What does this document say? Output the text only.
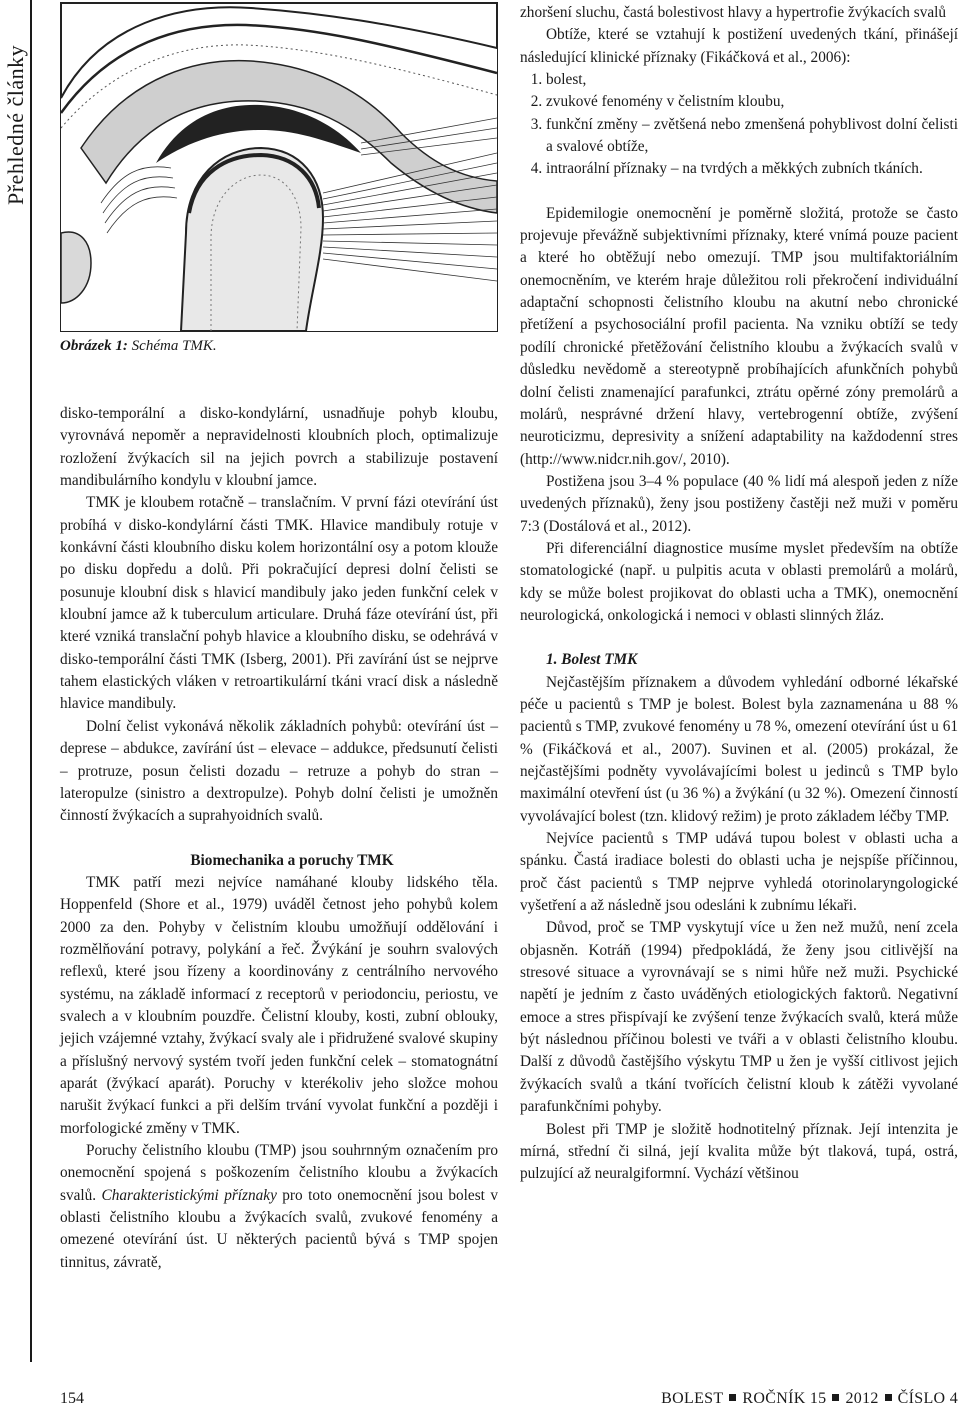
Přehledné články
Obrázek 1: Schéma TMK.

disko-temporální a disko-kondylární, usnadňuje pohyb kloubu, vyrovnává nepoměr a nepravidelnosti kloubních ploch, optimalizuje rozložení žvýkacích sil na jejich povrch a stabilizuje postavení mandibulárního kondylu v kloubní jamce.

TMK je kloubem rotačně – translačním. V první fázi otevírání úst probíhá v disko-kondylární části TMK. Hlavice mandibuly rotuje v konkávní části kloubního disku kolem horizontální osy a potom klouže po disku dopředu a dolů. Při pokračující depresi dolní čelisti se posunuje kloubní disk s hlavicí mandibuly jako jeden funkční celek v kloubní jamce až k tuberculum articulare. Druhá fáze otevírání úst, při které vzniká translační pohyb hlavice a kloubního disku, se odehrává v disko-temporální části TMK (Isberg, 2001). Při zavírání úst se nejprve tahem elastických vláken v retroartikulární tkáni vrací disk a následně hlavice mandibuly.

Dolní čelist vykonává několik základních pohybů: otevírání úst – deprese – abdukce, zavírání úst – elevace – addukce, předsunutí čelisti – protruze, posun čelisti dozadu – retruze a pohyb do stran – lateropulze (sinistro a dextropulze). Pohyb dolní čelisti je umožněn činností žvýkacích a suprahyoidních svalů.

Biomechanika a poruchy TMK

TMK patří mezi nejvíce namáhané klouby lidského těla. Hoppenfeld (Shore et al., 1979) uváděl četnost jeho pohybů kolem 2000 za den. Pohyby v čelistním kloubu umožňují oddělování i rozmělňování potravy, polykání a řeč. Žvýkání je souhrn svalových reflexů, které jsou řízeny a koordinovány z centrálního nervového systému, na základě informací z receptorů v periodonciu, periostu, ve svalech a v kloubním pouzdře. Čelistní klouby, kosti, zubní oblouky, jejich vzájemné vztahy, žvýkací svaly ale i přidružené svalové skupiny a příslušný nervový systém tvoří jeden funkční celek – stomatognátní aparát (žvýkací aparát). Poruchy v kterékoliv jeho složce mohou narušit žvýkací funkci a při delším trvání vyvolat funkční a později i morfologické změny v TMK.

Poruchy čelistního kloubu (TMP) jsou souhrnným označením pro onemocnění spojená s poškozením čelistního kloubu a žvýkacích svalů. Charakteristickými příznaky pro toto onemocnění jsou bolest v oblasti čelistního kloubu a žvýkacích svalů, zvukové fenomény a omezené otevírání úst. U některých pacientů bývá s TMP spojen tinnitus, závratě,

zhoršení sluchu, častá bolestivost hlavy a hypertrofie žvýkacích svalů

Obtíže, které se vztahují k postižení uvedených tkání, přinášejí následující klinické příznaky (Fikáčková et al., 2006):

1. bolest,
2. zvukové fenomény v čelistním kloubu,
3. funkční změny – zvětšená nebo zmenšená pohyblivost dolní čelisti a svalové obtíže,
4. intraorální příznaky – na tvrdých a měkkých zubních tkáních.

Epidemilogie onemocnění je poměrně složitá, protože se často projevuje převážně subjektivními příznaky, které vnímá pouze pacient a které ho obtěžují nebo omezují. TMP jsou multifaktoriálním onemocněním, ve kterém hraje důležitou roli překročení individuální adaptační schopnosti čelistního kloubu na akutní nebo chronické přetížení a psychosociální profil pacienta. Na vzniku obtíží se tedy podílí chronické přetěžování čelistního kloubu a žvýkacích svalů v důsledku nevědomě a stereotypně probíhajících afunkčních pohybů dolní čelisti znamenající parafunkci, ztrátu opěrné zóny premolárů a molárů, nesprávné držení hlavy, vertebrogenní obtíže, zvýšení neuroticizmu, depresivity a snížení adaptability na každodenní stres (http://www.nidcr.nih.gov/, 2010).

Postižena jsou 3–4 % populace (40 % lidí má alespoň jeden z níže uvedených příznaků), ženy jsou postiženy častěji než muži v poměru 7:3 (Dostálová et al., 2012).

Při diferenciální diagnostice musíme myslet především na obtíže stomatologické (např. u pulpitis acuta v oblasti premolárů a molárů, kdy se může bolest projikovat do oblasti ucha a TMK), onemocnění neurologická, onkologická i nemoci v oblasti slinných žláz.

1. Bolest TMK

Nejčastějším příznakem a důvodem vyhledání odborné lékařské péče u pacientů s TMP je bolest. Bolest byla zaznamenána u 88 % pacientů s TMP, zvukové fenomény u 78 %, omezení otevírání úst u 61 % (Fikáčková et al., 2007). Suvinen et al. (2005) prokázal, že nejčastějšími podněty vyvolávajícími bolest u jedinců s TMP bylo maximální otevření úst (u 36 %) a žvýkání (u 32 %). Omezení činností vyvolávající bolest (tzn. klidový režim) je proto základem léčby TMP.

Nejvíce pacientů s TMP udává tupou bolest v oblasti ucha a spánku. Častá iradiace bolesti do oblasti ucha je nejspíše příčinnou, proč část pacientů s TMP nejprve vyhledá otorinolaryngologické vyšetření a až následně jsou odesláni k zubnímu lékaři.

Důvod, proč se TMP vyskytují více u žen než mužů, není zcela objasněn. Kotráň (1994) předpokládá, že ženy jsou citlivější na stresové situace a vyrovnávají se s nimi hůře než muži. Psychické napětí je jedním z často uváděných etiologických faktorů. Negativní emoce a stres přispívají ke zvýšení tenze žvýkacích svalů, která může být následnou příčinou bolesti ve tváři a v oblasti čelistního kloubu. Další z důvodů častějšího výskytu TMP u žen je vyšší citlivost jejich žvýkacích svalů a tkání tvořících čelistní kloub k zátěži vyvolané parafunkčními pohyby.

Bolest při TMP je složitě hodnotitelný příznak. Její intenzita je mírná, střední či silná, její kvalita může být tlaková, tupá, ostrá, pulzující až neuralgiformní. Vychází většinou

154	BOLEST ROČNÍK 15 2012 ČÍSLO 4
